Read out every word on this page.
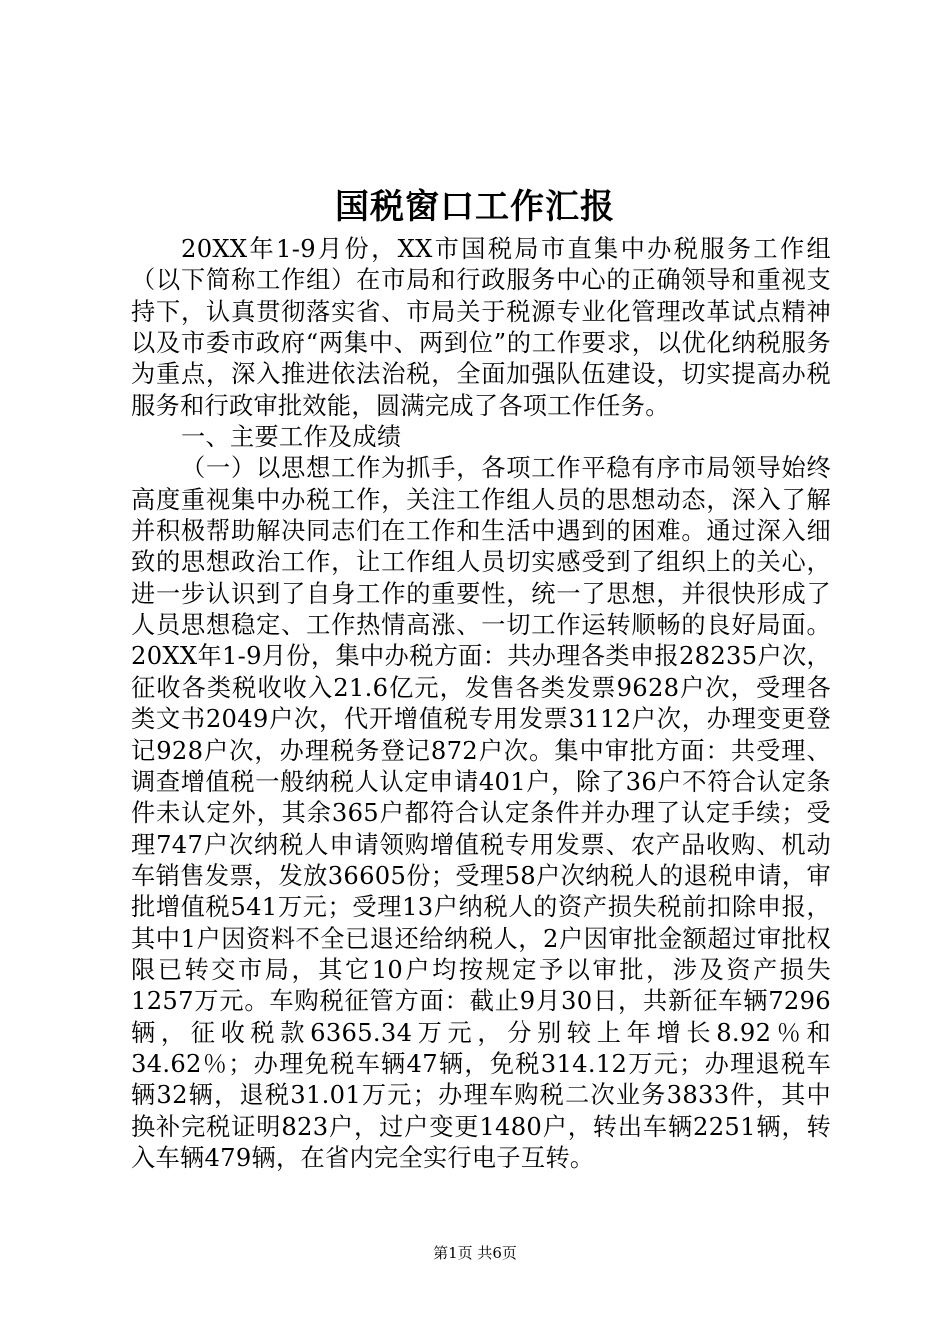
国税窗口工作汇报

20XX年1-9月份，XX市国税局市直集中办税服务工作组（以下简称工作组）在市局和行政服务中心的正确领导和重视支持下，认真贯彻落实省、市局关于税源专业化管理改革试点精神以及市委市政府“两集中、两到位”的工作要求，以优化纳税服务为重点，深入推进依法治税，全面加强队伍建设，切实提高办税服务和行政审批效能，圆满完成了各项工作任务。

一、主要工作及成绩

（一）以思想工作为抓手，各项工作平稳有序市局领导始终高度重视集中办税工作，关注工作组人员的思想动态，深入了解并积极帮助解决同志们在工作和生活中遇到的困难。通过深入细致的思想政治工作，让工作组人员切实感受到了组织上的关心，进一步认识到了自身工作的重要性，统一了思想，并很快形成了人员思想稳定、工作热情高涨、一切工作运转顺畅的良好局面。20XX年1-9月份，集中办税方面：共办理各类申报28235户次，征收各类税收收入21.6亿元，发售各类发票9628户次，受理各类文书2049户次，代开增值税专用发票3112户次，办理变更登记928户次，办理税务登记872户次。集中审批方面：共受理、调查增值税一般纳税人认定申请401户，除了36户不符合认定条件未认定外，其余365户都符合认定条件并办理了认定手续；受理747户次纳税人申请领购增值税专用发票、农产品收购、机动车销售发票，发放36605份；受理58户次纳税人的退税申请，审批增值税541万元；受理13户纳税人的资产损失税前扣除申报，其中1户因资料不全已退还给纳税人，2户因审批金额超过审批权限已转交市局，其它10户均按规定予以审批，涉及资产损失1257万元。车购税征管方面：截止9月30日，共新征车辆7296辆，征收税款6365.34万元，分别较上年增长8.92％和34.62％；办理免税车辆47辆，免税314.12万元；办理退税车辆32辆，退税31.01万元；办理车购税二次业务3833件，其中换补完税证明823户，过户变更1480户，转出车辆2251辆，转入车辆479辆，在省内完全实行电子互转。

第1页 共6页
